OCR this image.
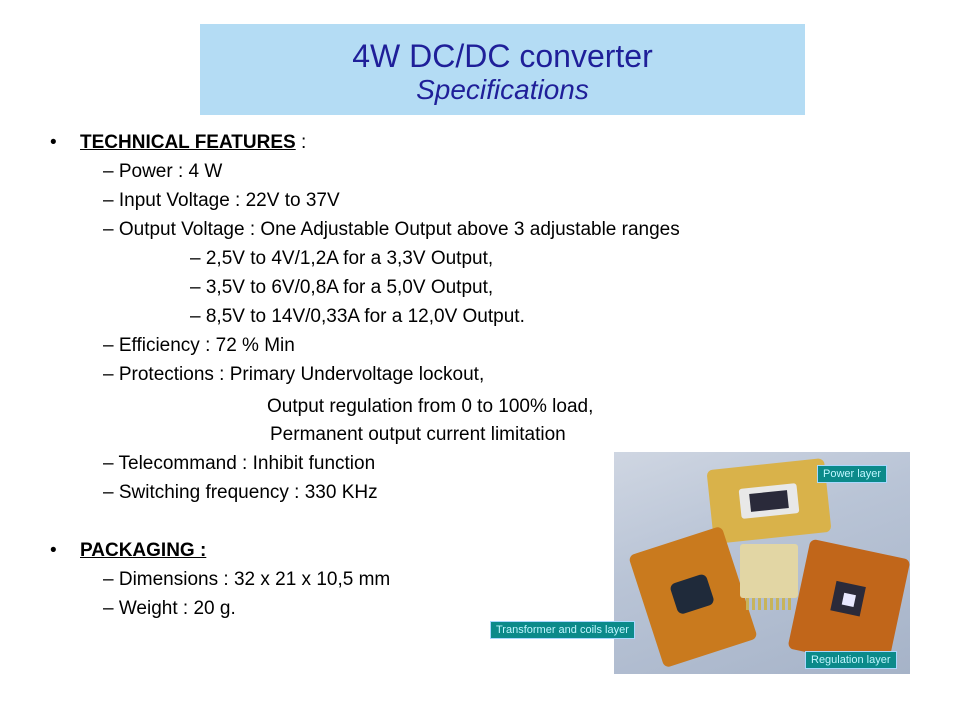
4W DC/DC converter
Specifications
• TECHNICAL FEATURES :
– Power : 4 W
– Input Voltage : 22V to 37V
– Output Voltage : One Adjustable Output above 3 adjustable ranges
– 2,5V to 4V/1,2A for a 3,3V Output,
– 3,5V to 6V/0,8A for a 5,0V Output,
– 8,5V to 14V/0,33A for a 12,0V Output.
– Efficiency : 72 % Min
– Protections : Primary Undervoltage lockout,
Output regulation from 0 to 100% load,
Permanent output current limitation
– Telecommand : Inhibit function
– Switching frequency : 330 KHz
• PACKAGING :
– Dimensions : 32 x 21 x 10,5 mm
– Weight : 20 g.
Power layer
Transformer and coils layer
Regulation layer
